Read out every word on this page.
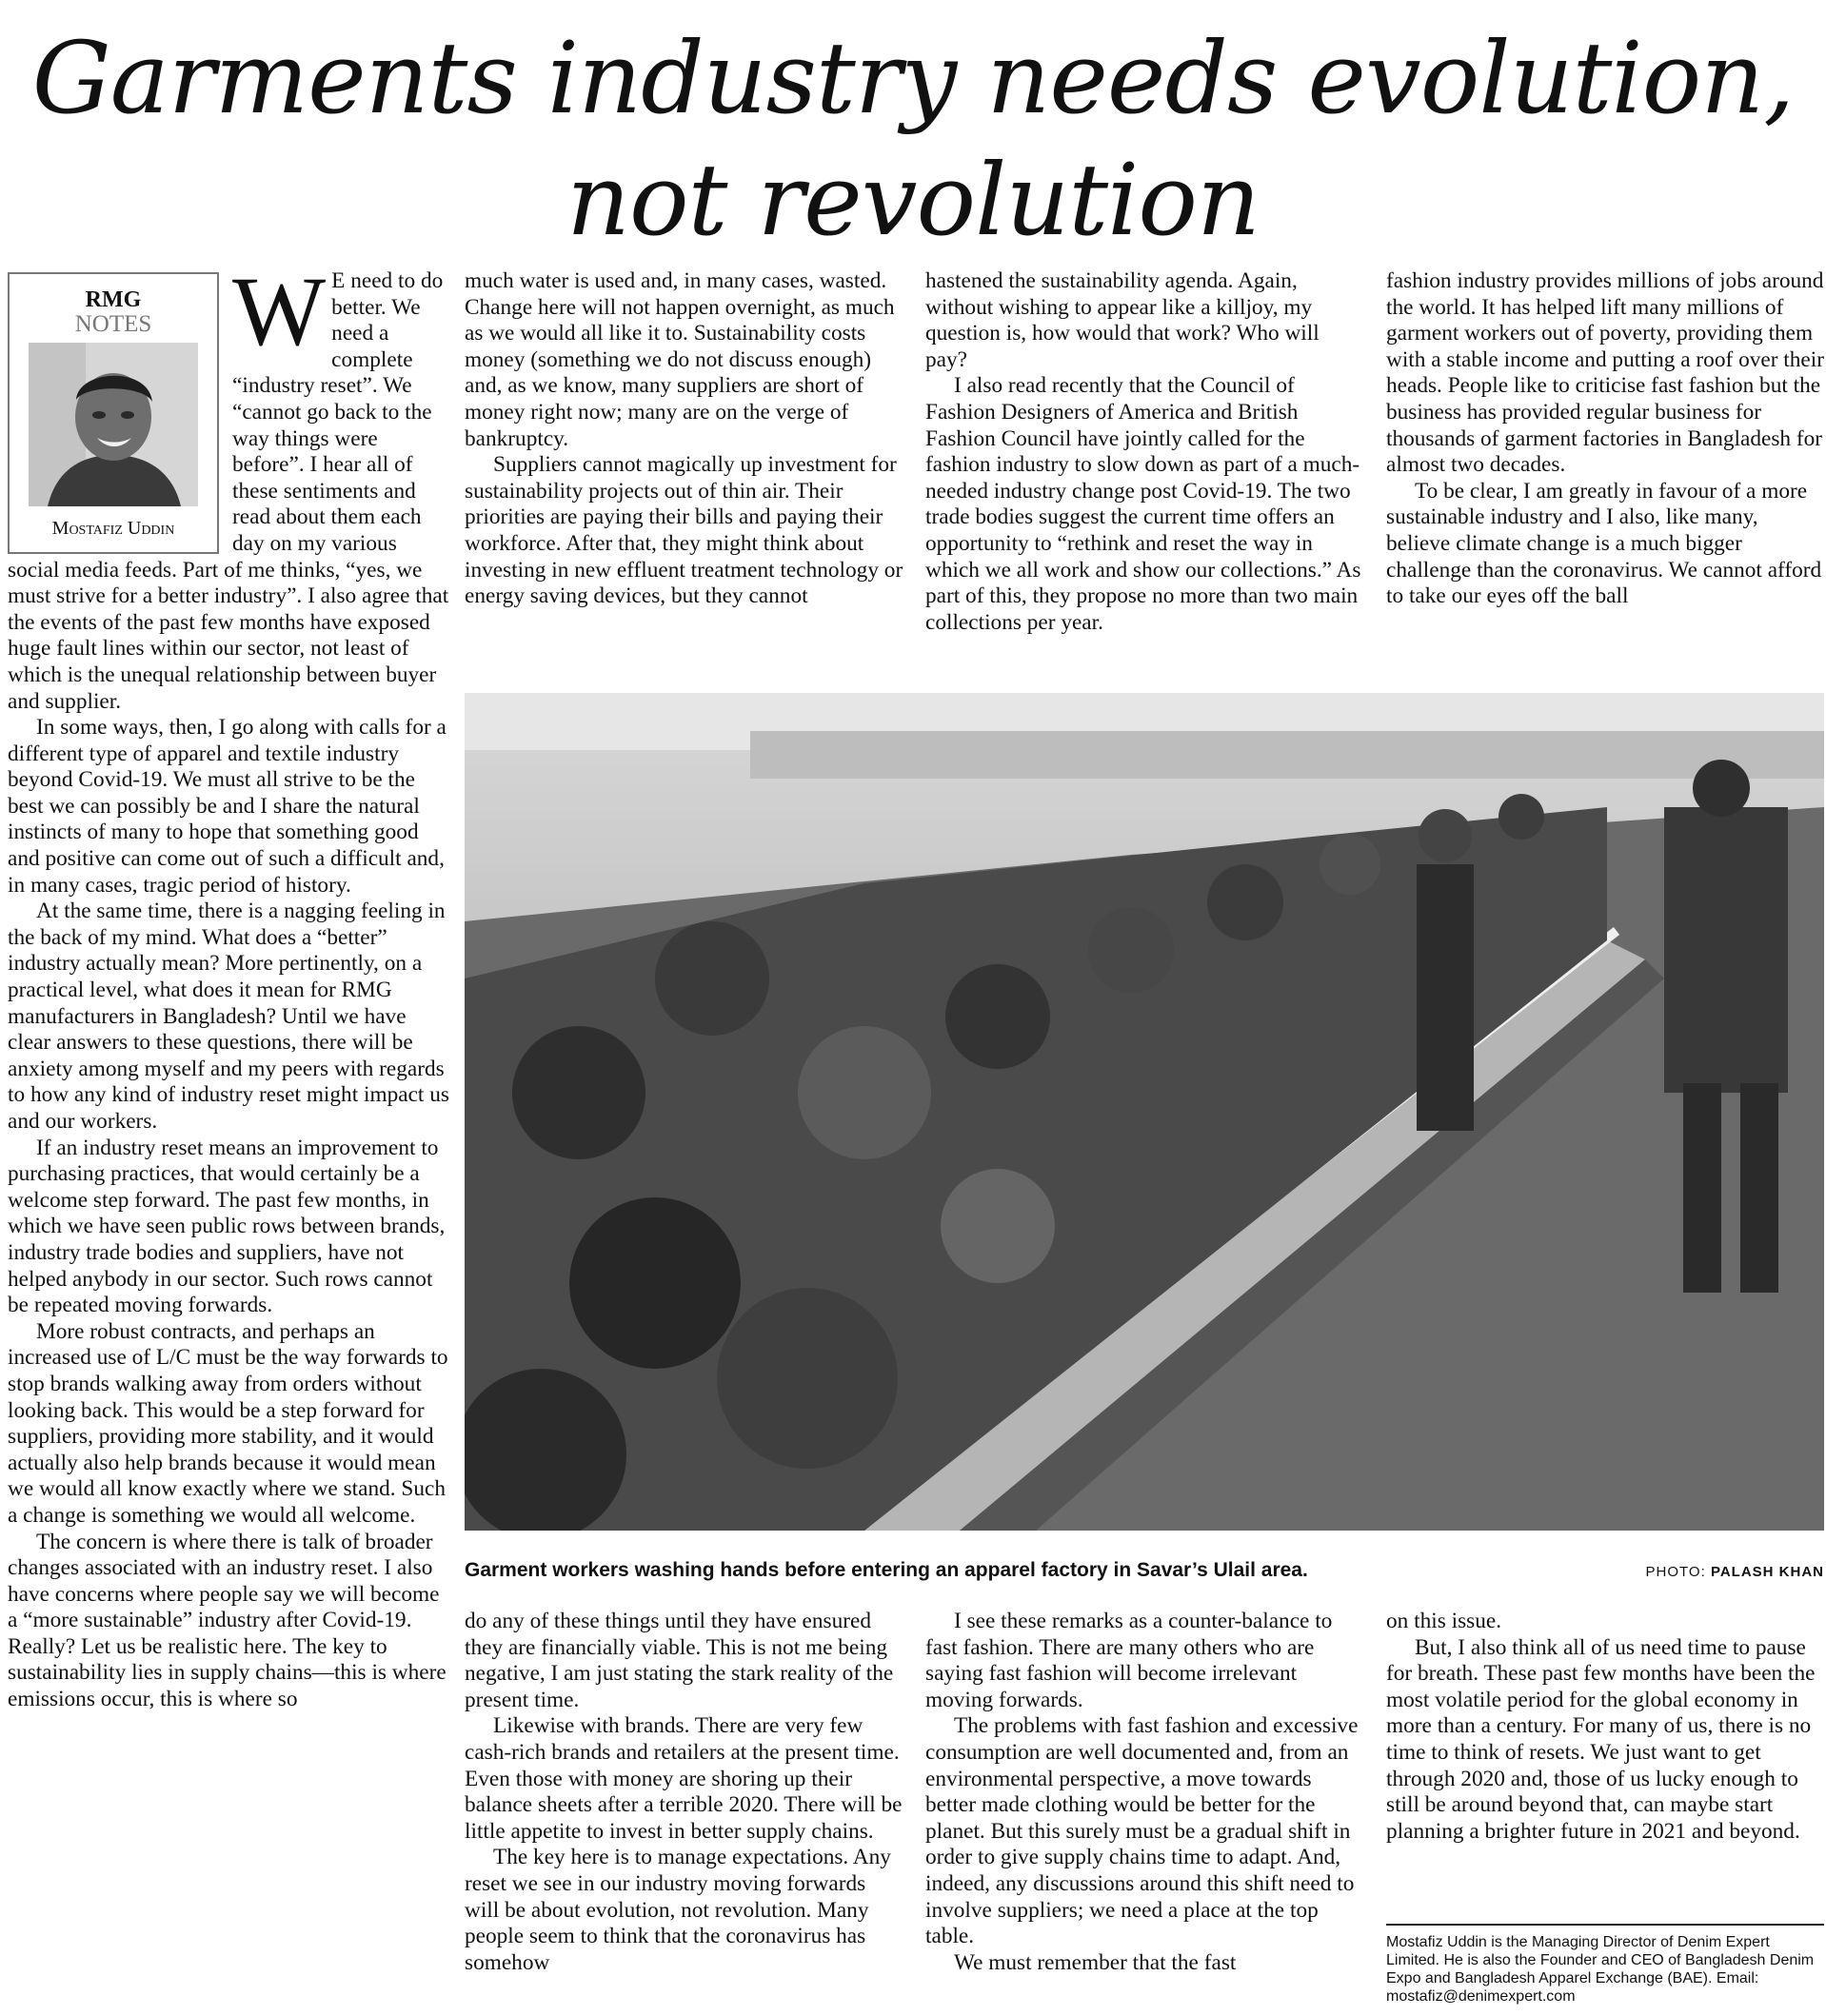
Garments industry needs evolution,
not revolution
RMG
NOTES
Mostafiz Uddin

W E need to do better. We need a complete “industry reset”. We “cannot go back to the way things were before”. I hear all of these sentiments and read about them each day on my various social media feeds. Part of me thinks, “yes, we must strive for a better industry”. I also agree that the events of the past few months have exposed huge fault lines within our sector, not least of which is the unequal relationship between buyer and supplier.

In some ways, then, I go along with calls for a different type of apparel and textile industry beyond Covid-19. We must all strive to be the best we can possibly be and I share the natural instincts of many to hope that something good and positive can come out of such a difficult and, in many cases, tragic period of history.

At the same time, there is a nagging feeling in the back of my mind. What does a “better” industry actually mean? More pertinently, on a practical level, what does it mean for RMG manufacturers in Bangladesh? Until we have clear answers to these questions, there will be anxiety among myself and my peers with regards to how any kind of industry reset might impact us and our workers.

If an industry reset means an improvement to purchasing practices, that would certainly be a welcome step forward. The past few months, in which we have seen public rows between brands, industry trade bodies and suppliers, have not helped anybody in our sector. Such rows cannot be repeated moving forwards.

More robust contracts, and perhaps an increased use of L/C must be the way forwards to stop brands walking away from orders without looking back. This would be a step forward for suppliers, providing more stability, and it would actually also help brands because it would mean we would all know exactly where we stand. Such a change is something we would all welcome.

The concern is where there is talk of broader changes associated with an industry reset. I also have concerns where people say we will become a “more sustainable” industry after Covid-19. Really? Let us be realistic here. The key to sustainability lies in supply chains—this is where emissions occur, this is where so

much water is used and, in many cases, wasted. Change here will not happen overnight, as much as we would all like it to. Sustainability costs money (something we do not discuss enough) and, as we know, many suppliers are short of money right now; many are on the verge of bankruptcy.

Suppliers cannot magically up investment for sustainability projects out of thin air. Their priorities are paying their bills and paying their workforce. After that, they might think about investing in new effluent treatment technology or energy saving devices, but they cannot

hastened the sustainability agenda. Again, without wishing to appear like a killjoy, my question is, how would that work? Who will pay?

I also read recently that the Council of Fashion Designers of America and British Fashion Council have jointly called for the fashion industry to slow down as part of a much-needed industry change post Covid-19. The two trade bodies suggest the current time offers an opportunity to “rethink and reset the way in which we all work and show our collections.” As part of this, they propose no more than two main collections per year.

fashion industry provides millions of jobs around the world. It has helped lift many millions of garment workers out of poverty, providing them with a stable income and putting a roof over their heads. People like to criticise fast fashion but the business has provided regular business for thousands of garment factories in Bangladesh for almost two decades.

To be clear, I am greatly in favour of a more sustainable industry and I also, like many, believe climate change is a much bigger challenge than the coronavirus. We cannot afford to take our eyes off the ball

Garment workers washing hands before entering an apparel factory in Savar’s Ulail area.	PHOTO: PALASH KHAN

do any of these things until they have ensured they are financially viable. This is not me being negative, I am just stating the stark reality of the present time.

Likewise with brands. There are very few cash-rich brands and retailers at the present time. Even those with money are shoring up their balance sheets after a terrible 2020. There will be little appetite to invest in better supply chains.

The key here is to manage expectations. Any reset we see in our industry moving forwards will be about evolution, not revolution. Many people seem to think that the coronavirus has somehow

I see these remarks as a counter-balance to fast fashion. There are many others who are saying fast fashion will become irrelevant moving forwards.

The problems with fast fashion and excessive consumption are well documented and, from an environmental perspective, a move towards better made clothing would be better for the planet. But this surely must be a gradual shift in order to give supply chains time to adapt. And, indeed, any discussions around this shift need to involve suppliers; we need a place at the top table.

We must remember that the fast

on this issue.

But, I also think all of us need time to pause for breath. These past few months have been the most volatile period for the global economy in more than a century. For many of us, there is no time to think of resets. We just want to get through 2020 and, those of us lucky enough to still be around beyond that, can maybe start planning a brighter future in 2021 and beyond.

Mostafiz Uddin is the Managing Director of Denim Expert Limited. He is also the Founder and CEO of Bangladesh Denim Expo and Bangladesh Apparel Exchange (BAE). Email: mostafiz@denimexpert.com
